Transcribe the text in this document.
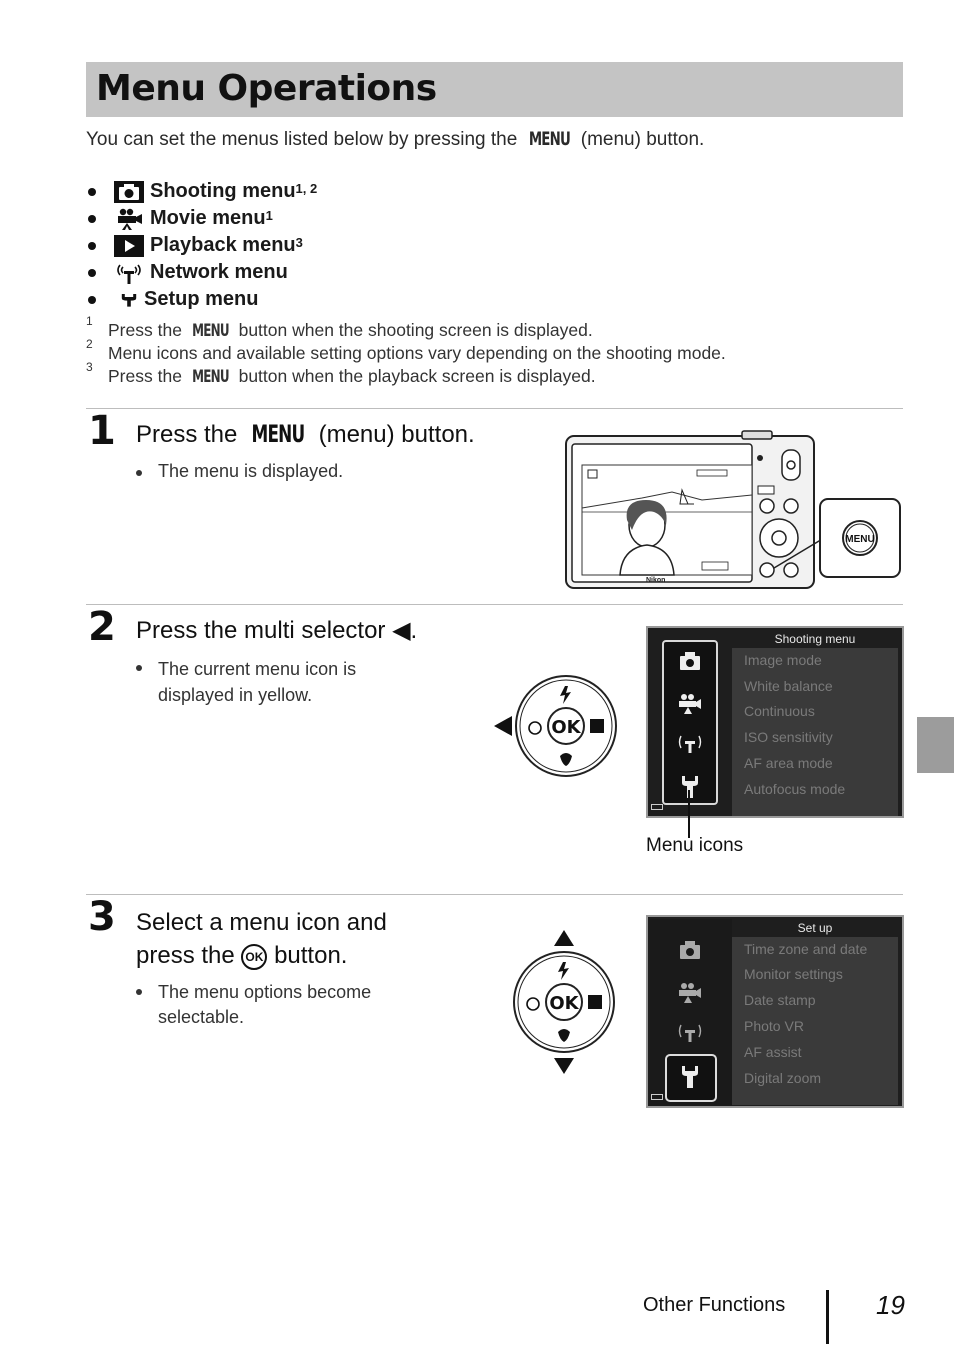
Menu Operations
You can set the menus listed below by pressing the MENU (menu) button.
Shooting menu$^{1, 2}$
Movie menu$^1$
Playback menu$^3$
Network menu
Setup menu
1 Press the MENU button when the shooting screen is displayed.
2 Menu icons and available setting options vary depending on the shooting mode.
3 Press the MENU button when the playback screen is displayed.
1 Press the MENU (menu) button.
The menu is displayed.
Nikon
MENU
2 Press the multi selector ◀.
The current menu icon is
displayed in yellow.
OK
Shooting menu
Image mode
White balance
Continuous
ISO sensitivity
AF area mode
Autofocus mode
Menu icons
3 Select a menu icon and
press the OK button.
The menu options become
selectable.
OK
Set up
Time zone and date
Monitor settings
Date stamp
Photo VR
AF assist
Digital zoom
Other Functions	19
